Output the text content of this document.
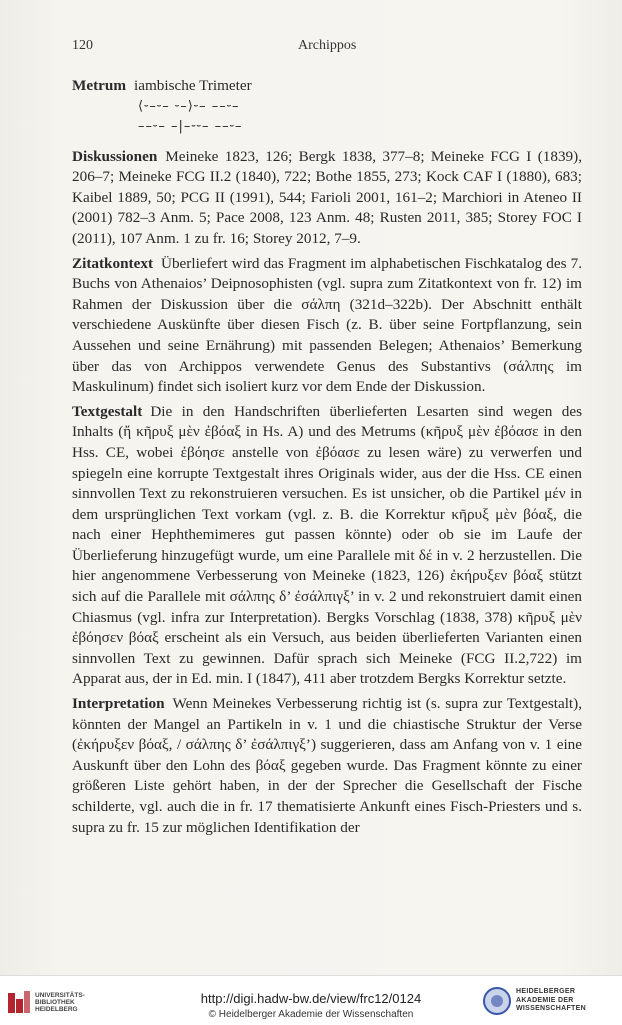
120	Archippos
Metrum iambische Trimeter
⟨⏑–⏑– ⏑–⟩⏑– ––⏑–
––⏑– –|–⏑⏑– ––⏑–
Diskussionen Meineke 1823, 126; Bergk 1838, 377–8; Meineke FCG I (1839), 206–7; Meineke FCG II.2 (1840), 722; Bothe 1855, 273; Kock CAF I (1880), 683; Kaibel 1889, 50; PCG II (1991), 544; Farioli 2001, 161–2; Marchiori in Ateneo II (2001) 782–3 Anm. 5; Pace 2008, 123 Anm. 48; Rusten 2011, 385; Storey FOC I (2011), 107 Anm. 1 zu fr. 16; Storey 2012, 7–9.
Zitatkontext Überliefert wird das Fragment im alphabetischen Fischkatalog des 7. Buchs von Athenaios’ Deipnosophisten (vgl. supra zum Zitatkontext von fr. 12) im Rahmen der Diskussion über die σάλπη (321d–322b). Der Abschnitt enthält verschiedene Auskünfte über diesen Fisch (z. B. über seine Fortpflanzung, sein Aussehen und seine Ernährung) mit passenden Belegen; Athenaios’ Bemerkung über das von Archippos verwendete Genus des Substantivs (σάλπης im Maskulinum) findet sich isoliert kurz vor dem Ende der Diskussion.
Textgestalt Die in den Handschriften überlieferten Lesarten sind wegen des Inhalts (ἤ κῆρυξ μὲν ἐβόαξ in Hs. A) und des Metrums (κῆρυξ μὲν ἐβόασε in den Hss. CE, wobei ἐβόησε anstelle von ἐβόασε zu lesen wäre) zu verwerfen und spiegeln eine korrupte Textgestalt ihres Originals wider, aus der die Hss. CE einen sinnvollen Text zu rekonstruieren versuchen. Es ist unsicher, ob die Partikel μέν in dem ursprünglichen Text vorkam (vgl. z. B. die Korrektur κῆρυξ μὲν βόαξ, die nach einer Hephthemimeres gut passen könnte) oder ob sie im Laufe der Überlieferung hinzugefügt wurde, um eine Parallele mit δέ in v. 2 herzustellen. Die hier angenommene Verbesserung von Meineke (1823, 126) ἐκήρυξεν βόαξ stützt sich auf die Parallele mit σάλπης δ’ ἐσάλπιγξ’ in v. 2 und rekonstruiert damit einen Chiasmus (vgl. infra zur Interpretation). Bergks Vorschlag (1838, 378) κῆρυξ μὲν ἐβόησεν βόαξ erscheint als ein Versuch, aus beiden überlieferten Varianten einen sinnvollen Text zu gewinnen. Dafür sprach sich Meineke (FCG II.2,722) im Apparat aus, der in Ed. min. I (1847), 411 aber trotzdem Bergks Korrektur setzte.
Interpretation Wenn Meinekes Verbesserung richtig ist (s. supra zur Textgestalt), könnten der Mangel an Partikeln in v. 1 und die chiastische Struktur der Verse (ἐκήρυξεν βόαξ, / σάλπης δ’ ἐσάλπιγξ’) suggerieren, dass am Anfang von v. 1 eine Auskunft über den Lohn des βόαξ gegeben wurde. Das Fragment könnte zu einer größeren Liste gehört haben, in der der Sprecher die Gesellschaft der Fische schilderte, vgl. auch die in fr. 17 thematisierte Ankunft eines Fisch-Priesters und s. supra zu fr. 15 zur möglichen Identifikation der
UNIVERSITÄTS- BIBLIOTHEK HEIDELBERG
http://digi.hadw-bw.de/view/frc12/0124
© Heidelberger Akademie der Wissenschaften
HEIDELBERGER AKADEMIE DER WISSENSCHAFTEN
